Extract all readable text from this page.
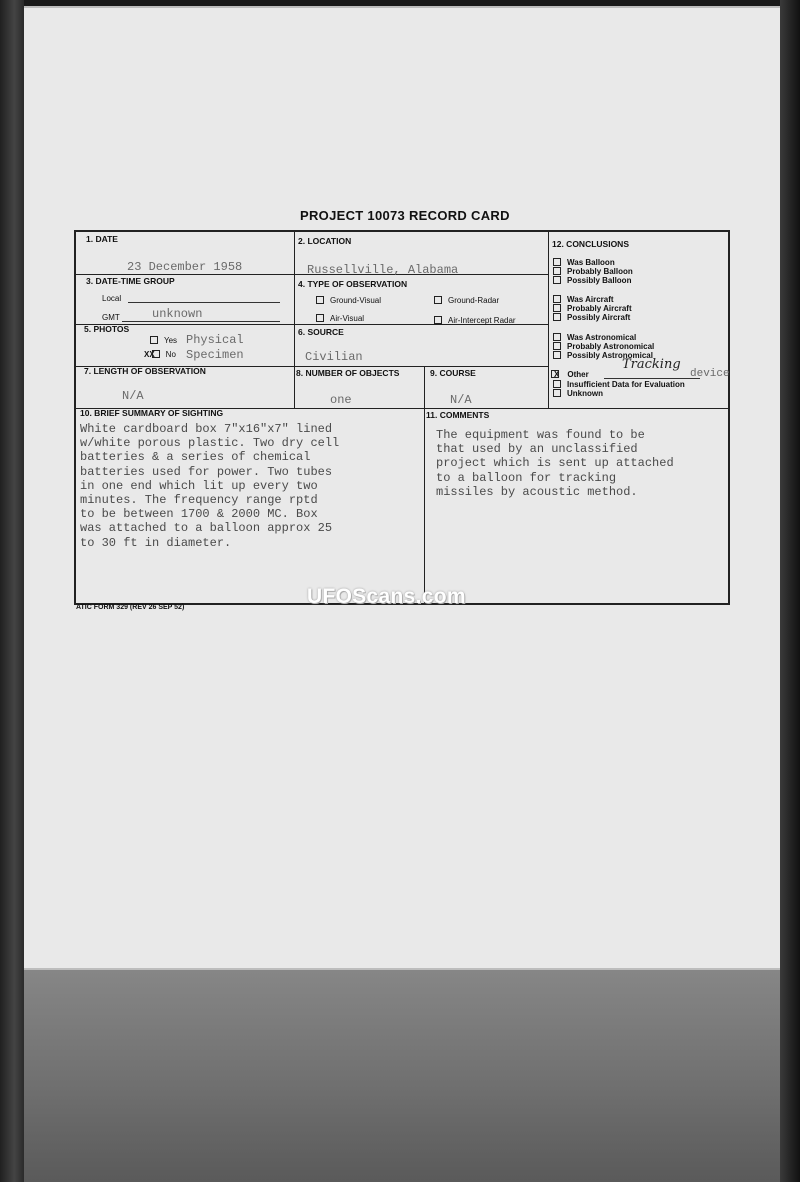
PROJECT 10073 RECORD CARD
1. DATE
23 December 1958
2. LOCATION
Russellville, Alabama
3. DATE-TIME GROUP
Local
GMT	unknown
4. TYPE OF OBSERVATION
Ground-Visual	Ground-Radar
Air-Visual	Air-Intercept Radar
5. PHOTOS
Yes
XX No
Physical
Specimen
6. SOURCE
Civilian
7. LENGTH OF OBSERVATION
N/A
8. NUMBER OF OBJECTS
one
9. COURSE
N/A
12. CONCLUSIONS
Was Balloon
Probably Balloon
Possibly Balloon
Was Aircraft
Probably Aircraft
Possibly Aircraft
Was Astronomical
Probably Astronomical
Possibly Astronomical
X Other
Tracking
device
Insufficient Data for Evaluation
Unknown
10. BRIEF SUMMARY OF SIGHTING
White cardboard box 7"x16"x7" lined
w/white porous plastic. Two dry cell
batteries & a series of chemical
batteries used for power. Two tubes
in one end which lit up every two
minutes. The frequency range rptd
to be between 1700 & 2000 MC. Box
was attached to a balloon approx 25
to 30 ft in diameter.
11. COMMENTS
The equipment was found to be
that used by an unclassified
project which is sent up attached
to a balloon for tracking
missiles by acoustic method.
ATIC FORM 329 (REV 26 SEP 52)	UFOScans.com
